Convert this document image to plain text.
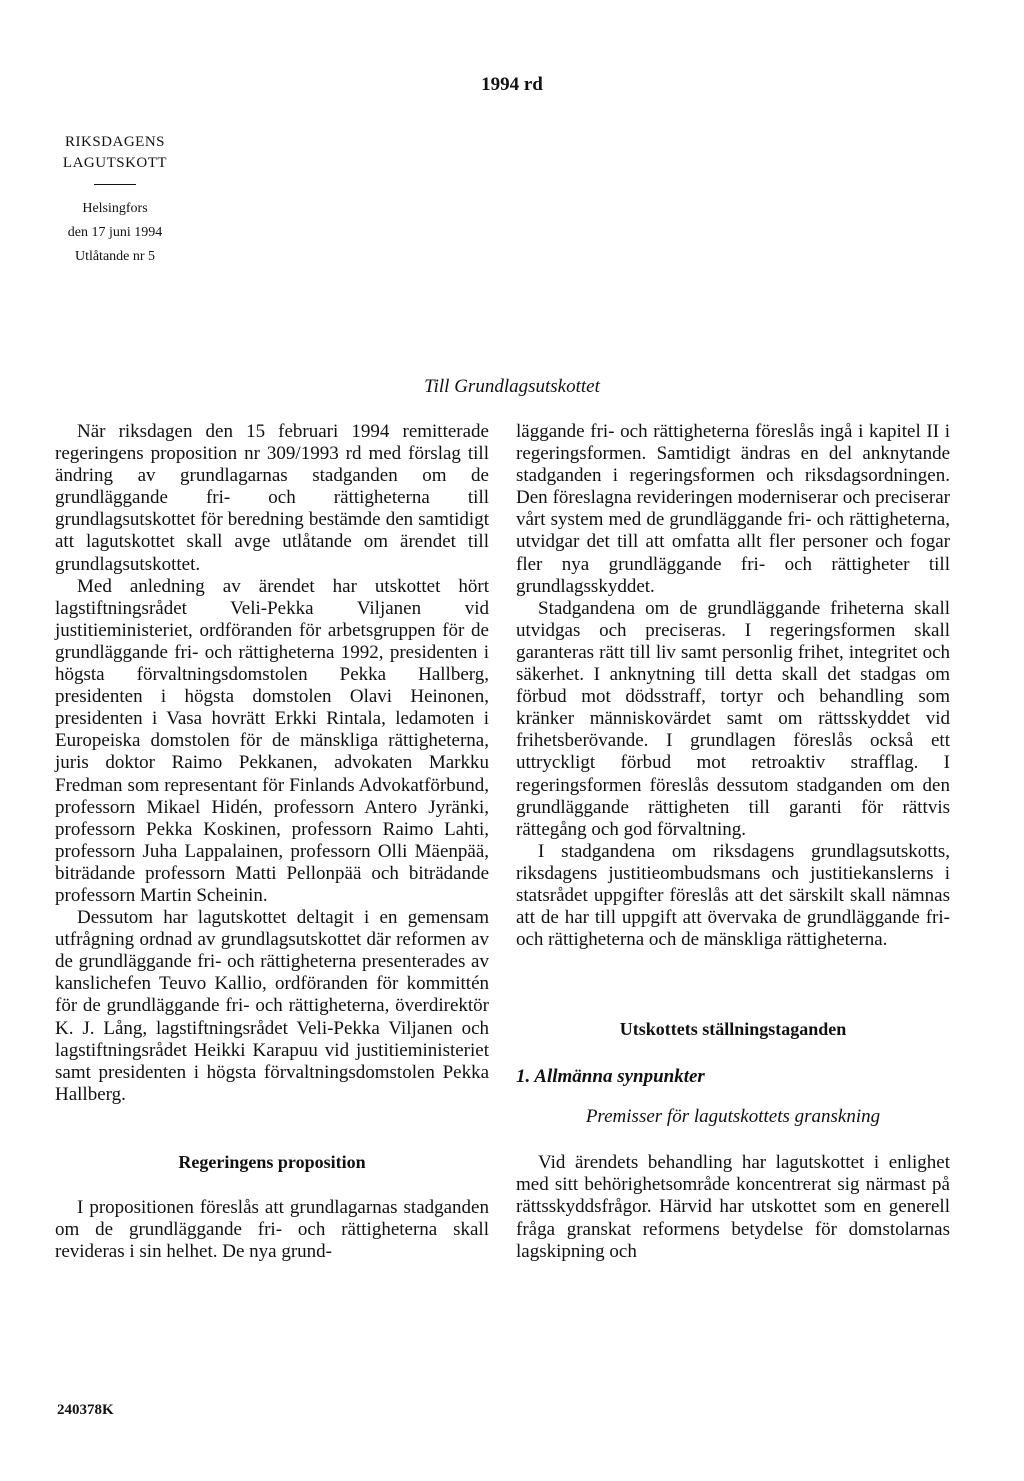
1994 rd
RIKSDAGENS
LAGUTSKOTT
Helsingfors
den 17 juni 1994
Utlåtande nr 5
Till Grundlagsutskottet

När riksdagen den 15 februari 1994 remitterade regeringens proposition nr 309/1993 rd med förslag till ändring av grundlagarnas stadganden om de grundläggande fri- och rättigheterna till grundlagsutskottet för beredning bestämde den samtidigt att lagutskottet skall avge utlåtande om ärendet till grundlagsutskottet.

Med anledning av ärendet har utskottet hört lagstiftningsrådet Veli-Pekka Viljanen vid justitieministeriet, ordföranden för arbetsgruppen för de grundläggande fri- och rättigheterna 1992, presidenten i högsta förvaltningsdomstolen Pekka Hallberg, presidenten i högsta domstolen Olavi Heinonen, presidenten i Vasa hovrätt Erkki Rintala, ledamoten i Europeiska domstolen för de mänskliga rättigheterna, juris doktor Raimo Pekkanen, advokaten Markku Fredman som representant för Finlands Advokatförbund, professorn Mikael Hidén, professorn Antero Jyränki, professorn Pekka Koskinen, professorn Raimo Lahti, professorn Juha Lappalainen, professorn Olli Mäenpää, biträdande professorn Matti Pellonpää och biträdande professorn Martin Scheinin.

Dessutom har lagutskottet deltagit i en gemensam utfrågning ordnad av grundlagsutskottet där reformen av de grundläggande fri- och rättigheterna presenterades av kanslichefen Teuvo Kallio, ordföranden för kommittén för de grundläggande fri- och rättigheterna, överdirektör K. J. Lång, lagstiftningsrådet Veli-Pekka Viljanen och lagstiftningsrådet Heikki Karapuu vid justitieministeriet samt presidenten i högsta förvaltningsdomstolen Pekka Hallberg.

Regeringens proposition

I propositionen föreslås att grundlagarnas stadganden om de grundläggande fri- och rättigheterna skall revideras i sin helhet. De nya grund-

läggande fri- och rättigheterna föreslås ingå i kapitel II i regeringsformen. Samtidigt ändras en del anknytande stadganden i regeringsformen och riksdagsordningen. Den föreslagna revideringen moderniserar och preciserar vårt system med de grundläggande fri- och rättigheterna, utvidgar det till att omfatta allt fler personer och fogar fler nya grundläggande fri- och rättigheter till grundlagsskyddet.

Stadgandena om de grundläggande friheterna skall utvidgas och preciseras. I regeringsformen skall garanteras rätt till liv samt personlig frihet, integritet och säkerhet. I anknytning till detta skall det stadgas om förbud mot dödsstraff, tortyr och behandling som kränker människovärdet samt om rättsskyddet vid frihetsberövande. I grundlagen föreslås också ett uttryckligt förbud mot retroaktiv strafflag. I regeringsformen föreslås dessutom stadganden om den grundläggande rättigheten till garanti för rättvis rättegång och god förvaltning.

I stadgandena om riksdagens grundlagsutskotts, riksdagens justitieombudsmans och justitiekanslerns i statsrådet uppgifter föreslås att det särskilt skall nämnas att de har till uppgift att övervaka de grundläggande fri- och rättigheterna och de mänskliga rättigheterna.

Utskottets ställningstaganden
1. Allmänna synpunkter
Premisser för lagutskottets granskning

Vid ärendets behandling har lagutskottet i enlighet med sitt behörighetsområde koncentrerat sig närmast på rättsskyddsfrågor. Härvid har utskottet som en generell fråga granskat reformens betydelse för domstolarnas lagskipning och

240378K
